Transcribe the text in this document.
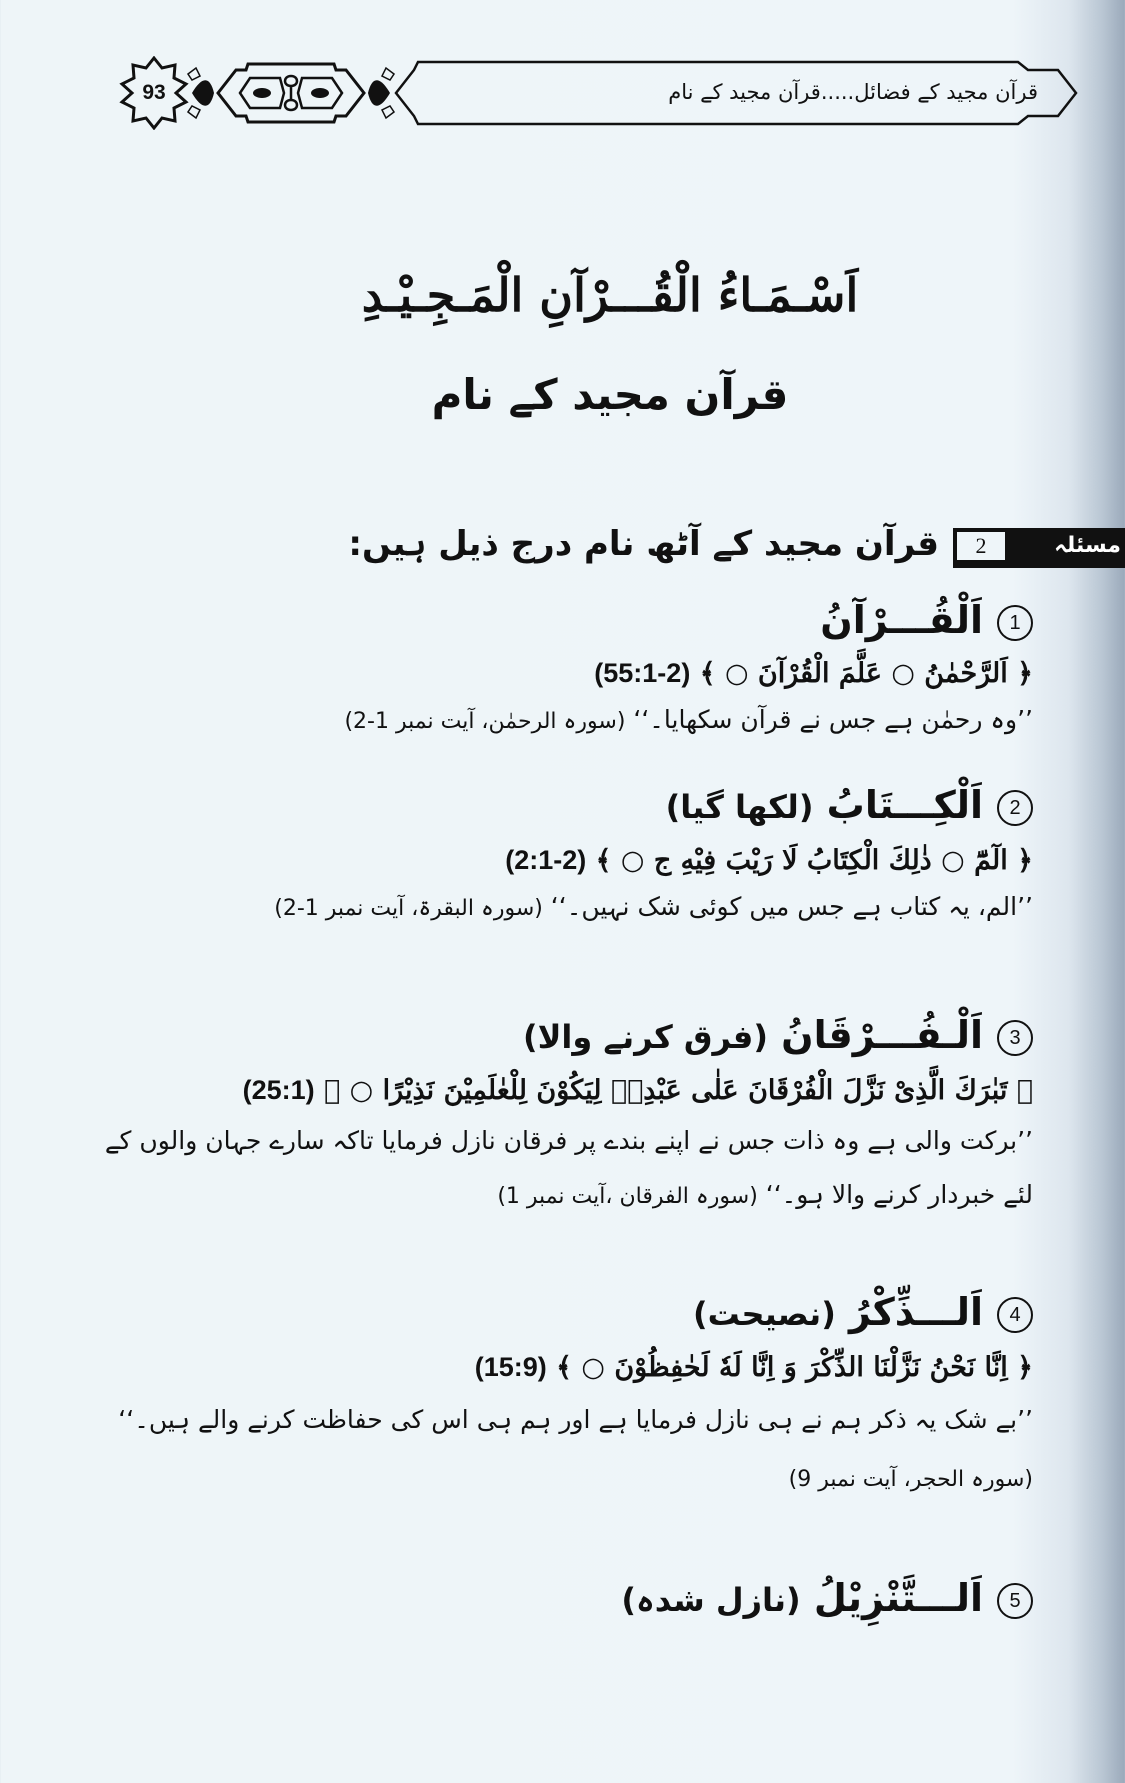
93	قرآن مجید کے فضائل.....قرآن مجید کے نام
اَسْـمَـاءُ الْقُـــرْآنِ الْمَـجِـيْـدِ
قرآن مجید کے نام
2	مسئلہ
قرآن مجید کے آٹھ نام درج ذیل ہیں:
1اَلْقُـــرْآنُ
﴿ اَلرَّحْمٰنُ ○ عَلَّمَ الْقُرْآنَ ○ ﴾ (55:1-2)
’’وہ رحمٰن ہے جس نے قرآن سکھایا۔‘‘ (سورہ الرحمٰن، آیت نمبر 1-2)
2اَلْكِـــتَابُ (لکھا گیا)
﴿ الٓمّٓ ○ ذٰلِكَ الْكِتَابُ لَا رَيْبَ فِيْهِ ج ○ ﴾ (2:1-2)
’’الم، یہ کتاب ہے جس میں کوئی شک نہیں۔‘‘ (سورہ البقرۃ، آیت نمبر 1-2)
3اَلْـفُـــرْقَانُ (فرق کرنے والا)
﴿ تَبٰرَكَ الَّذِیْ نَزَّلَ الْفُرْقَانَ عَلٰی عَبْدِهٖ لِيَكُوْنَ لِلْعٰلَمِيْنَ نَذِيْرًا ○ ﴾ (25:1)
’’برکت والی ہے وہ ذات جس نے اپنے بندے پر فرقان نازل فرمایا تاکہ سارے جہان والوں کے لئے خبردار کرنے والا ہو۔‘‘ (سورہ الفرقان ،آیت نمبر 1)
4اَلـــذِّكْرُ (نصیحت)
﴿ اِنَّا نَحْنُ نَزَّلْنَا الذِّكْرَ وَ اِنَّا لَهٗ لَحٰفِظُوْنَ ○ ﴾ (15:9)
’’بے شک یہ ذکر ہم نے ہی نازل فرمایا ہے اور ہم ہی اس کی حفاظت کرنے والے ہیں۔‘‘ (سورہ الحجر، آیت نمبر 9)
5اَلـــتَّنْزِيْلُ (نازل شدہ)
